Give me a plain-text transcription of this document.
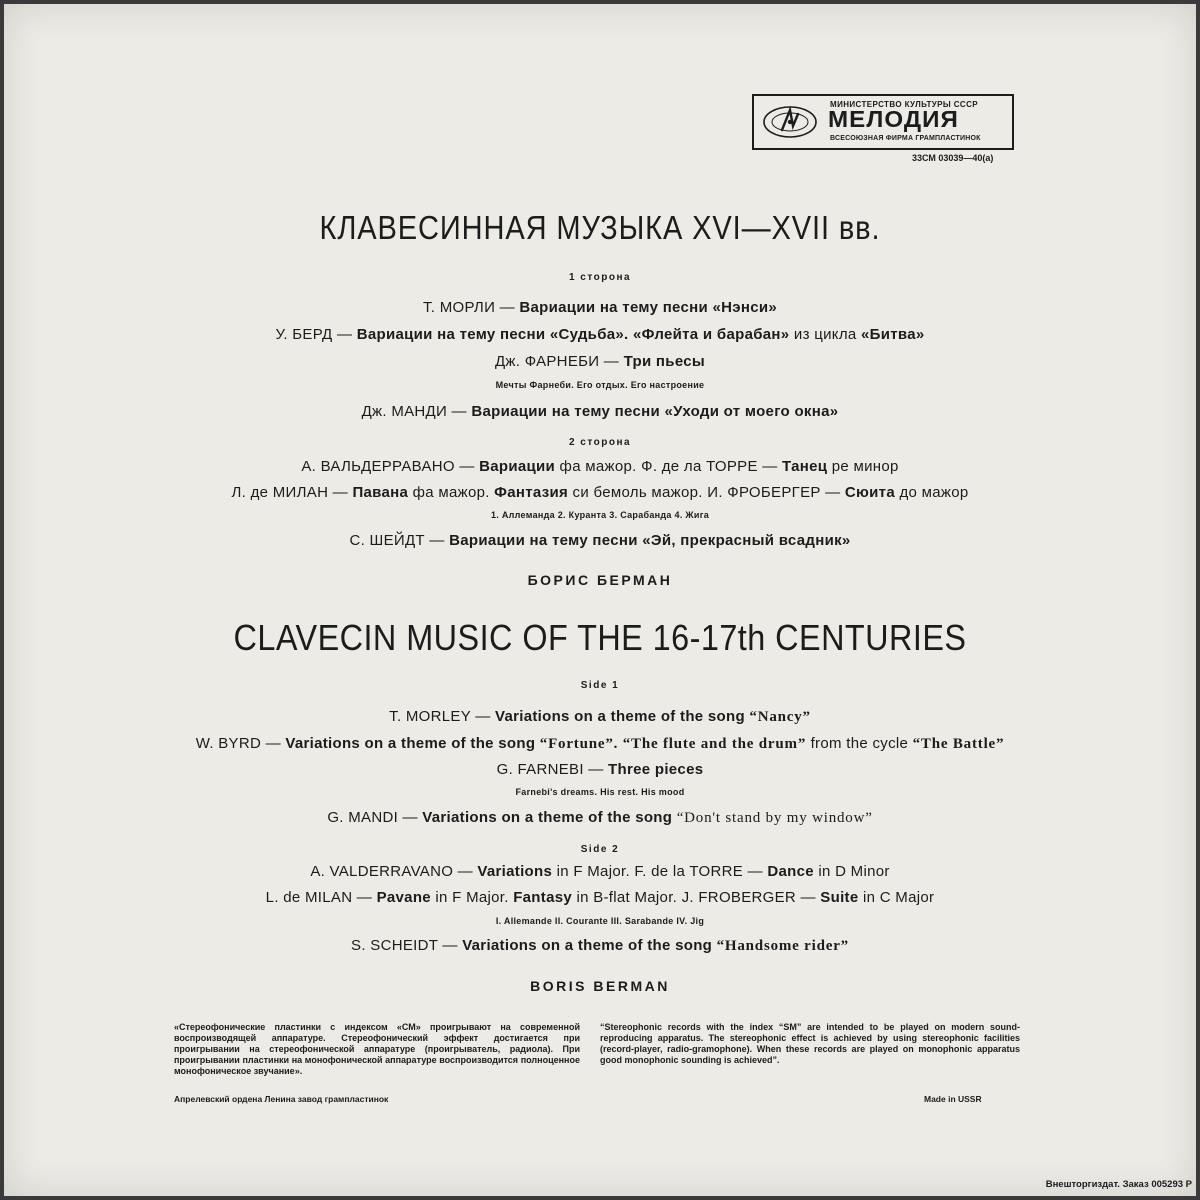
МИНИСТЕРСТВО КУЛЬТУРЫ СССР
МЕЛОДИЯ
ВСЕСОЮЗНАЯ ФИРМА ГРАМПЛАСТИНОК
33СМ 03039—40(а)
КЛАВЕСИННАЯ МУЗЫКА XVI—XVII вв.
1 сторона
Т. МОРЛИ — Вариации на тему песни «Нэнси»
У. БЕРД — Вариации на тему песни «Судьба». «Флейта и барабан» из цикла «Битва»
Дж. ФАРНЕБИ — Три пьесы
Мечты Фарнеби. Его отдых. Его настроение
Дж. МАНДИ — Вариации на тему песни «Уходи от моего окна»
2 сторона
А. ВАЛЬДЕРРАВАНО — Вариации фа мажор. Ф. де ла ТОРРЕ — Танец ре минор
Л. де МИЛАН — Павана фа мажор. Фантазия си бемоль мажор. И. ФРОБЕРГЕР — Сюита до мажор
1. Аллеманда 2. Куранта 3. Сарабанда 4. Жига
С. ШЕЙДТ — Вариации на тему песни «Эй, прекрасный всадник»
БОРИС БЕРМАН
CLAVECIN MUSIC OF THE 16-17th CENTURIES
Side 1
T. MORLEY — Variations on a theme of the song “Nancy”
W. BYRD — Variations on a theme of the song “Fortune”. “The flute and the drum” from the cycle “The Battle”
G. FARNEBI — Three pieces
Farnebi's dreams. His rest. His mood
G. MANDI — Variations on a theme of the song “Don't stand by my window”
Side 2
A. VALDERRAVANO — Variations in F Major. F. de la TORRE — Dance in D Minor
L. de MILAN — Pavane in F Major. Fantasy in B-flat Major. J. FROBERGER — Suite in C Major
I. Allemande II. Courante III. Sarabande IV. Jig
S. SCHEIDT — Variations on a theme of the song “Handsome rider”
BORIS BERMAN
«Стереофонические пластинки с индексом «СМ» проигрывают на современной воспроизводящей аппаратуре. Стереофонический эффект достигается при проигрывании на стереофонической аппаратуре (проигрыватель, радиола). При проигрывании пластинки на монофонической аппаратуре воспроизводится полноценное монофоническое звучание».
“Stereophonic records with the index “SM” are intended to be played on modern sound-reproducing apparatus. The stereophonic effect is achieved by using stereophonic facilities (record-player, radio-gramophone). When these records are played on monophonic apparatus good monophonic sounding is achieved”.
Апрелевский ордена Ленина завод грампластинок	Made in USSR
Внешторгиздат. Заказ 005293 Р
